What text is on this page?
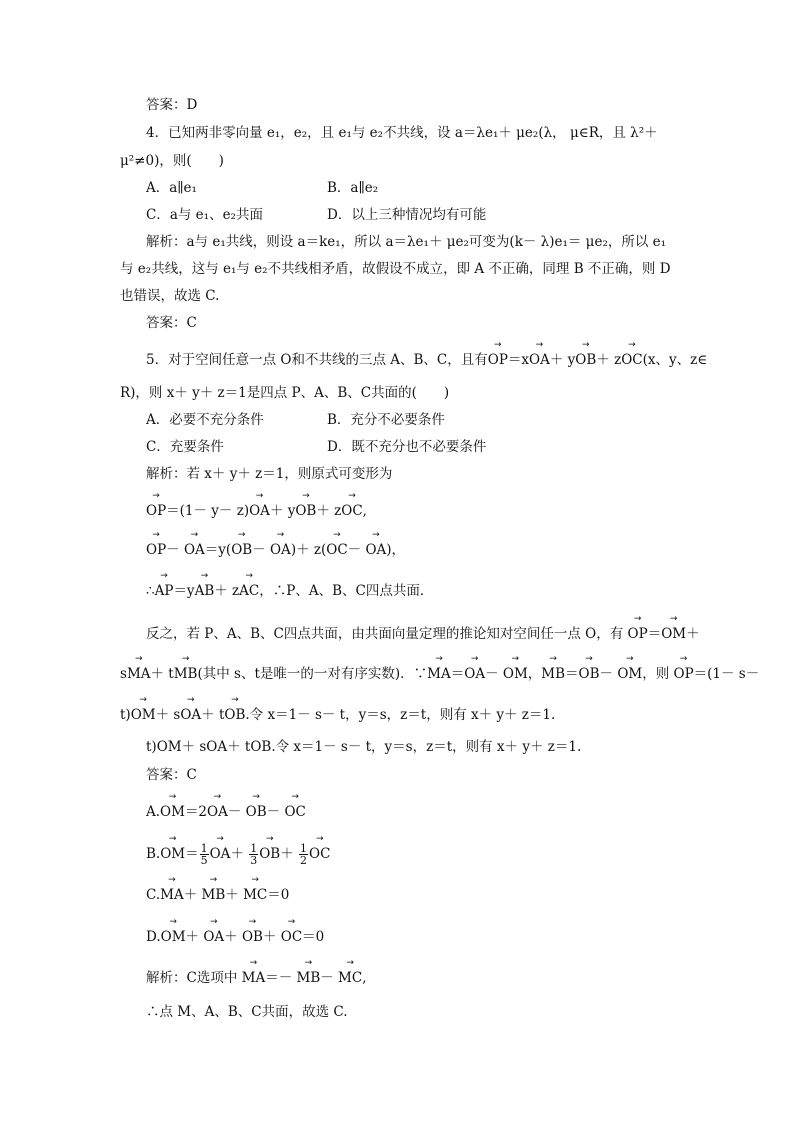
答案：D
4．已知两非零向量 e₁，e₂，且 e₁与 e₂不共线，设 a＝λe₁＋ μe₂(λ， μ∈R，且 λ²＋
μ²≠0)，则(　　)
A．a∥e₁	B．a∥e₂
C．a与 e₁、e₂共面	D．以上三种情况均有可能
解析：a与 e₁共线，则设 a＝ke₁，所以 a＝λe₁＋ μe₂可变为(k－ λ)e₁＝ μe₂，所以 e₁
与 e₂共线，这与 e₁与 e₂不共线相矛盾，故假设不成立，即 A 不正确，同理 B 不正确，则 D
也错误，故选 C.
答案：C
5．对于空间任意一点 O和不共线的三点 A、B、C，且有→ OP＝x→ OA＋ y→ OB＋ z→ OC(x、y、z∈
R)，则 x＋ y＋ z＝1是四点 P、A、B、C共面的(　　)
A．必要不充分条件	B．充分不必要条件
C．充要条件	D．既不充分也不必要条件
解析：若 x＋ y＋ z＝1，则原式可变形为
→ OP＝(1－ y－ z)→ OA＋ y→ OB＋ z→ OC,
→ OP－ → OA＝y(→ OB－ → OA)＋ z(→ OC－ → OA)，
∴→ AP＝y→ AB＋ z→ AC，∴P、A、B、C四点共面．
反之，若 P、A、B、C四点共面，由共面向量定理的推论知对空间任一点 O，有 → OP＝→ OM＋
s→ MA＋ t→ MB(其中 s、t是唯一的一对有序实数)．∵→ MA＝→ OA－ → OM，→ MB＝→ OB－ → OM，则 → OP＝(1－ s－
t)→ OM＋ s→ OA＋ t→ OB.令 x＝1－ s－ t，y＝s，z＝t，则有 x＋ y＋ z＝1.
t)OM＋ sOA＋ tOB.令 x＝1－ s－ t，y＝s，z＝t，则有 x＋ y＋ z＝1.
答案：C
A.→ OM＝2→ OA－ → OB－ → OC
$B.\to OM= \frac{1}{5}$
→ $OA+ \frac{1}{3}$
→ $OB+ \frac{1}{2}$
→ OC
C.→ MA＋ → MB＋ → MC＝0
D.→ OM＋ → OA＋ → OB＋ → OC＝0
解析：C选项中 → MA＝－ → MB－ → MC,
∴点 M、A、B、C共面，故选 C.
